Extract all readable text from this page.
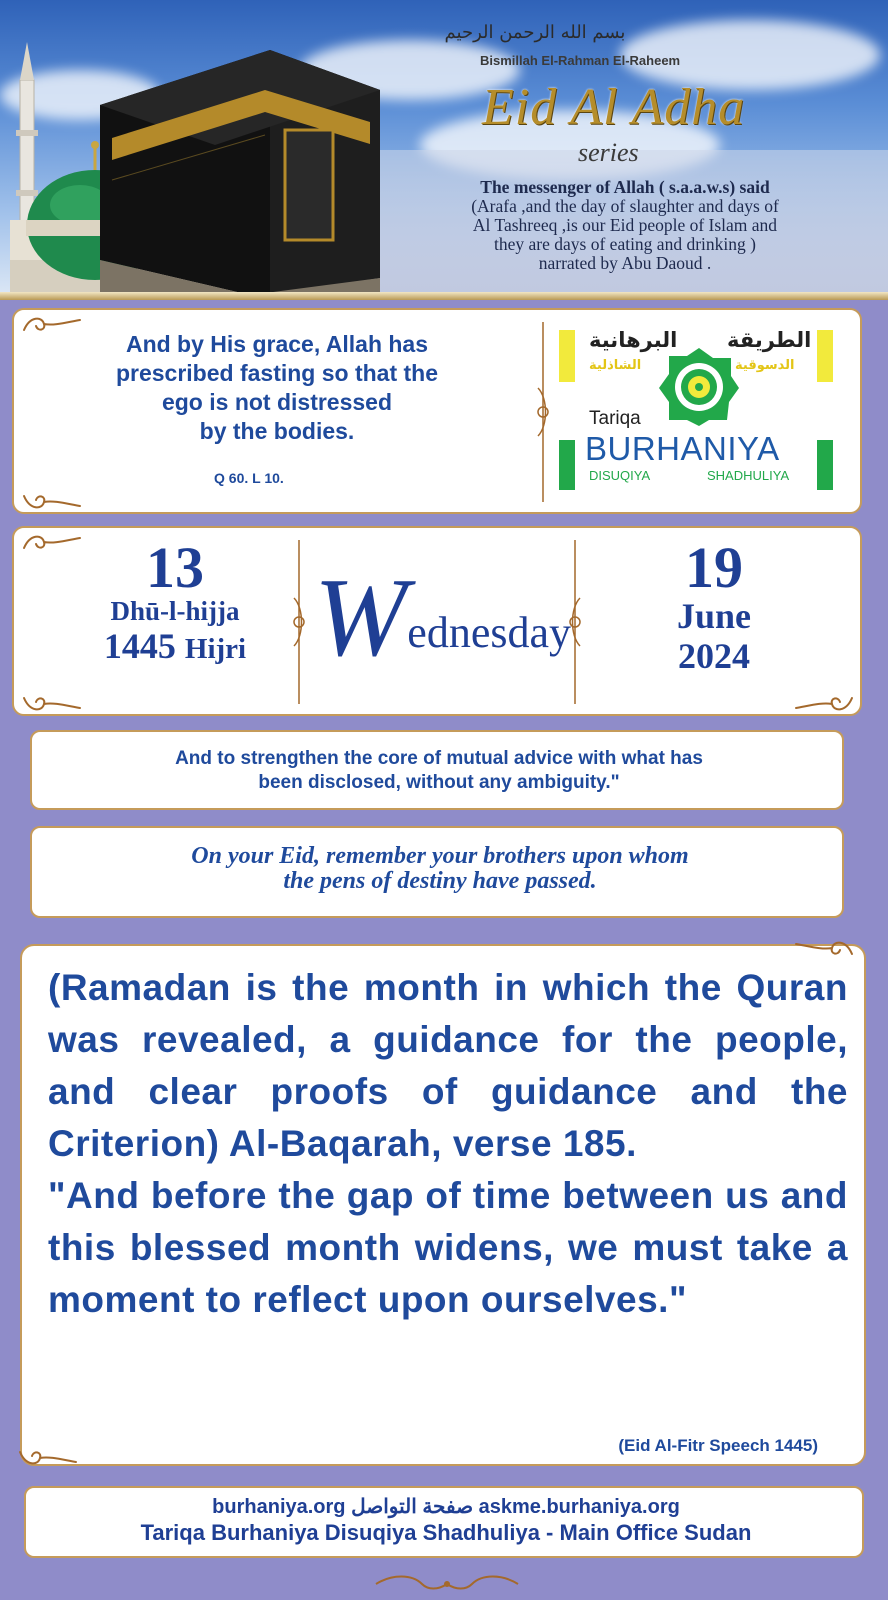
بسم الله الرحمن الرحيم
Bismillah El-Rahman El-Raheem
Eid Al Adha
series
The messenger of Allah ( s.a.a.w.s) said
(Arafa ,and the day of slaughter and days of
Al Tashreeq ,is our Eid people of Islam and
they are days of eating and drinking )
narrated by Abu Daoud .
And by His grace, Allah has
prescribed fasting so that the
ego is not distressed
by the bodies.
Q 60. L 10.
الطريقة
البرهانية
الدسوقية
الشاذلية
Tariqa
BURHANIYA
DISUQIYA	SHADHULIYA
13
Dhū-l-hijja
1445 Hijri Wednesday
19
June
2024
And to strengthen the core of mutual advice with what has
been disclosed, without any ambiguity."
On your Eid, remember your brothers upon whom
the pens of destiny have passed.

(Ramadan is the month in which the Quran was revealed, a guidance for the people, and clear proofs of guidance and the Criterion) Al-Baqarah, verse 185.

"And before the gap of time between us and this blessed month widens, we must take a moment to reflect upon ourselves."

(Eid Al-Fitr Speech 1445)
burhaniya.org صفحة التواصل askme.burhaniya.org
Tariqa Burhaniya Disuqiya Shadhuliya - Main Office Sudan
